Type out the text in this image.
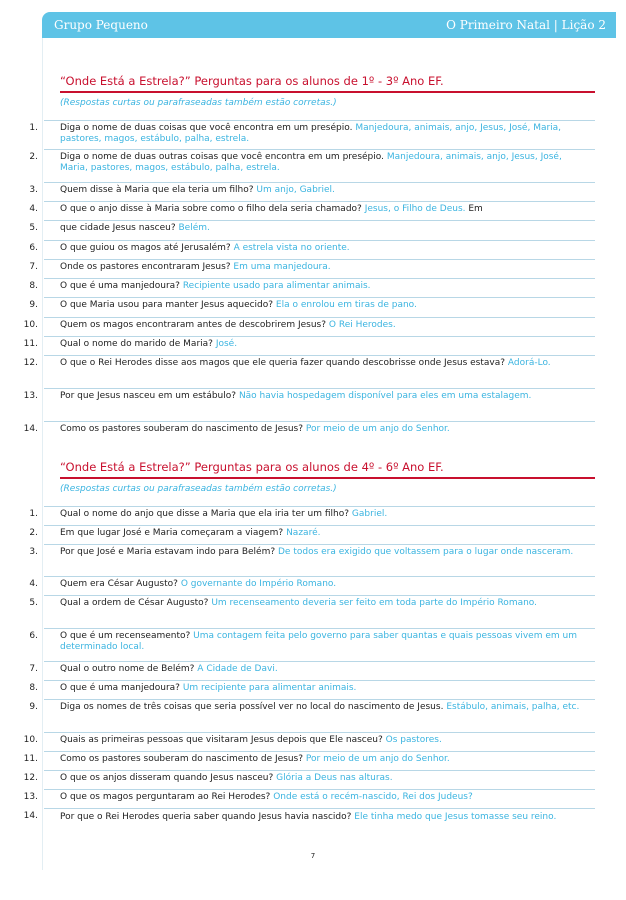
Grupo Pequeno	O Primeiro Natal | Lição 2
“Onde Está a Estrela?” Perguntas para os alunos de 1º - 3º Ano EF.
(Respostas curtas ou parafraseadas também estão corretas.)
1. Diga o nome de duas coisas que você encontra em um presépio. Manjedoura, animais, anjo, Jesus, José, Maria, pastores, magos, estábulo, palha, estrela.
2. Diga o nome de duas outras coisas que você encontra em um presépio. Manjedoura, animais, anjo, Jesus, José, Maria, pastores, magos, estábulo, palha, estrela.
3. Quem disse à Maria que ela teria um filho? Um anjo, Gabriel.
4. O que o anjo disse à Maria sobre como o filho dela seria chamado? Jesus, o Filho de Deus. Em
5. que cidade Jesus nasceu? Belém.
6. O que guiou os magos até Jerusalém? A estrela vista no oriente.
7. Onde os pastores encontraram Jesus? Em uma manjedoura.
8. O que é uma manjedoura? Recipiente usado para alimentar animais.
9. O que Maria usou para manter Jesus aquecido? Ela o enrolou em tiras de pano.
10. Quem os magos encontraram antes de descobrirem Jesus? O Rei Herodes.
11. Qual o nome do marido de Maria? José.
12. O que o Rei Herodes disse aos magos que ele queria fazer quando descobrisse onde Jesus estava? Adorá-Lo.
13. Por que Jesus nasceu em um estábulo? Não havia hospedagem disponível para eles em uma estalagem.
14. Como os pastores souberam do nascimento de Jesus? Por meio de um anjo do Senhor.
“Onde Está a Estrela?” Perguntas para os alunos de 4º - 6º Ano EF.
(Respostas curtas ou parafraseadas também estão corretas.)
1. Qual o nome do anjo que disse a Maria que ela iria ter um filho? Gabriel.
2. Em que lugar José e Maria começaram a viagem? Nazaré.
3. Por que José e Maria estavam indo para Belém? De todos era exigido que voltassem para o lugar onde nasceram.
4. Quem era César Augusto? O governante do Império Romano.
5. Qual a ordem de César Augusto? Um recenseamento deveria ser feito em toda parte do Império Romano.
6. O que é um recenseamento? Uma contagem feita pelo governo para saber quantas e quais pessoas vivem em um determinado local.
7. Qual o outro nome de Belém? A Cidade de Davi.
8. O que é uma manjedoura? Um recipiente para alimentar animais.
9. Diga os nomes de três coisas que seria possível ver no local do nascimento de Jesus. Estábulo, animais, palha, etc.
10. Quais as primeiras pessoas que visitaram Jesus depois que Ele nasceu? Os pastores.
11. Como os pastores souberam do nascimento de Jesus? Por meio de um anjo do Senhor.
12. O que os anjos disseram quando Jesus nasceu? Glória a Deus nas alturas.
13. O que os magos perguntaram ao Rei Herodes? Onde está o recém-nascido, Rei dos Judeus?
14. Por que o Rei Herodes queria saber quando Jesus havia nascido? Ele tinha medo que Jesus tomasse seu reino.
7
